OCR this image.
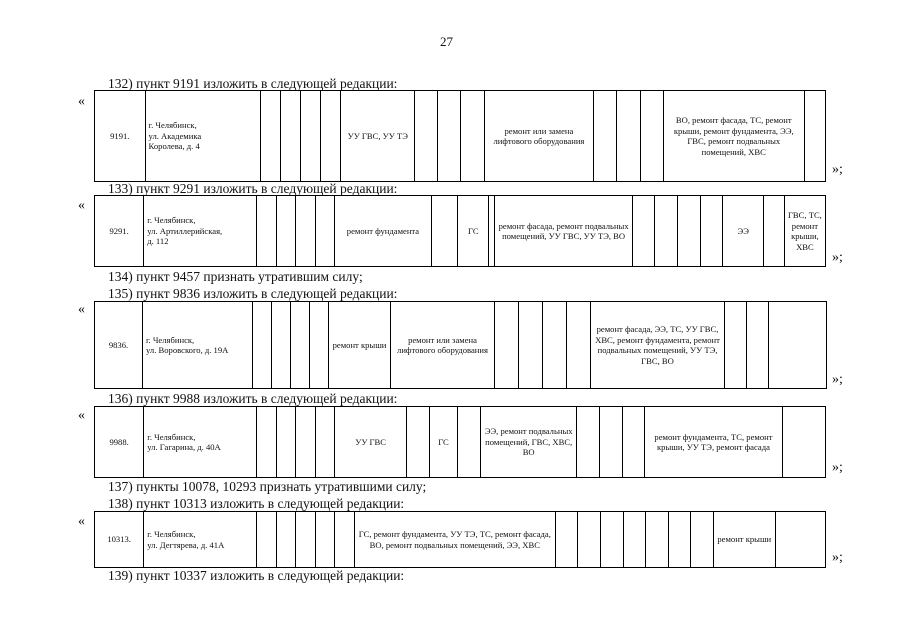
27
132) пункт 9191 изложить в следующей редакции:
«
9191.	г. Челябинск,
ул. Академика
Королева, д. 4					УУ ГВС, УУ ТЭ				ремонт или замена лифтового оборудования				ВО, ремонт фасада, ТС, ремонт крыши, ремонт фундамента, ЭЭ, ГВС, ремонт подвальных помещений, ХВС	
»;
133) пункт 9291 изложить в следующей редакции:
«
9291.	г. Челябинск,
ул. Артиллерийская,
д. 112					ремонт фундамента		ГС		ремонт фасада, ремонт подвальных помещений, УУ ГВС, УУ ТЭ, ВО					ЭЭ		ГВС, ТС, ремонт крыши, ХВС
»;
134) пункт 9457 признать утратившим силу;
135) пункт 9836 изложить в следующей редакции:
«
9836.	г. Челябинск,
ул. Воровского, д. 19А					ремонт крыши	ремонт или замена лифтового оборудования					ремонт фасада, ЭЭ, ТС, УУ ГВС, ХВС, ремонт фундамента, ремонт подвальных помещений, УУ ТЭ, ГВС, ВО			
»;
136) пункт 9988 изложить в следующей редакции:
«
9988.	г. Челябинск,
ул. Гагарина, д. 40А					УУ ГВС		ГС		ЭЭ, ремонт подвальных помещений, ГВС, ХВС, ВО				ремонт фундамента, ТС, ремонт крыши, УУ ТЭ, ремонт фасада	
»;
137) пункты 10078, 10293 признать утратившими силу;
138) пункт 10313 изложить в следующей редакции:
«
10313.	г. Челябинск,
ул. Дегтярева, д. 41А						ГС, ремонт фундамента, УУ ТЭ, ТС, ремонт фасада, ВО, ремонт подвальных помещений, ЭЭ, ХВС								ремонт крыши	
»;
139) пункт 10337 изложить в следующей редакции:
